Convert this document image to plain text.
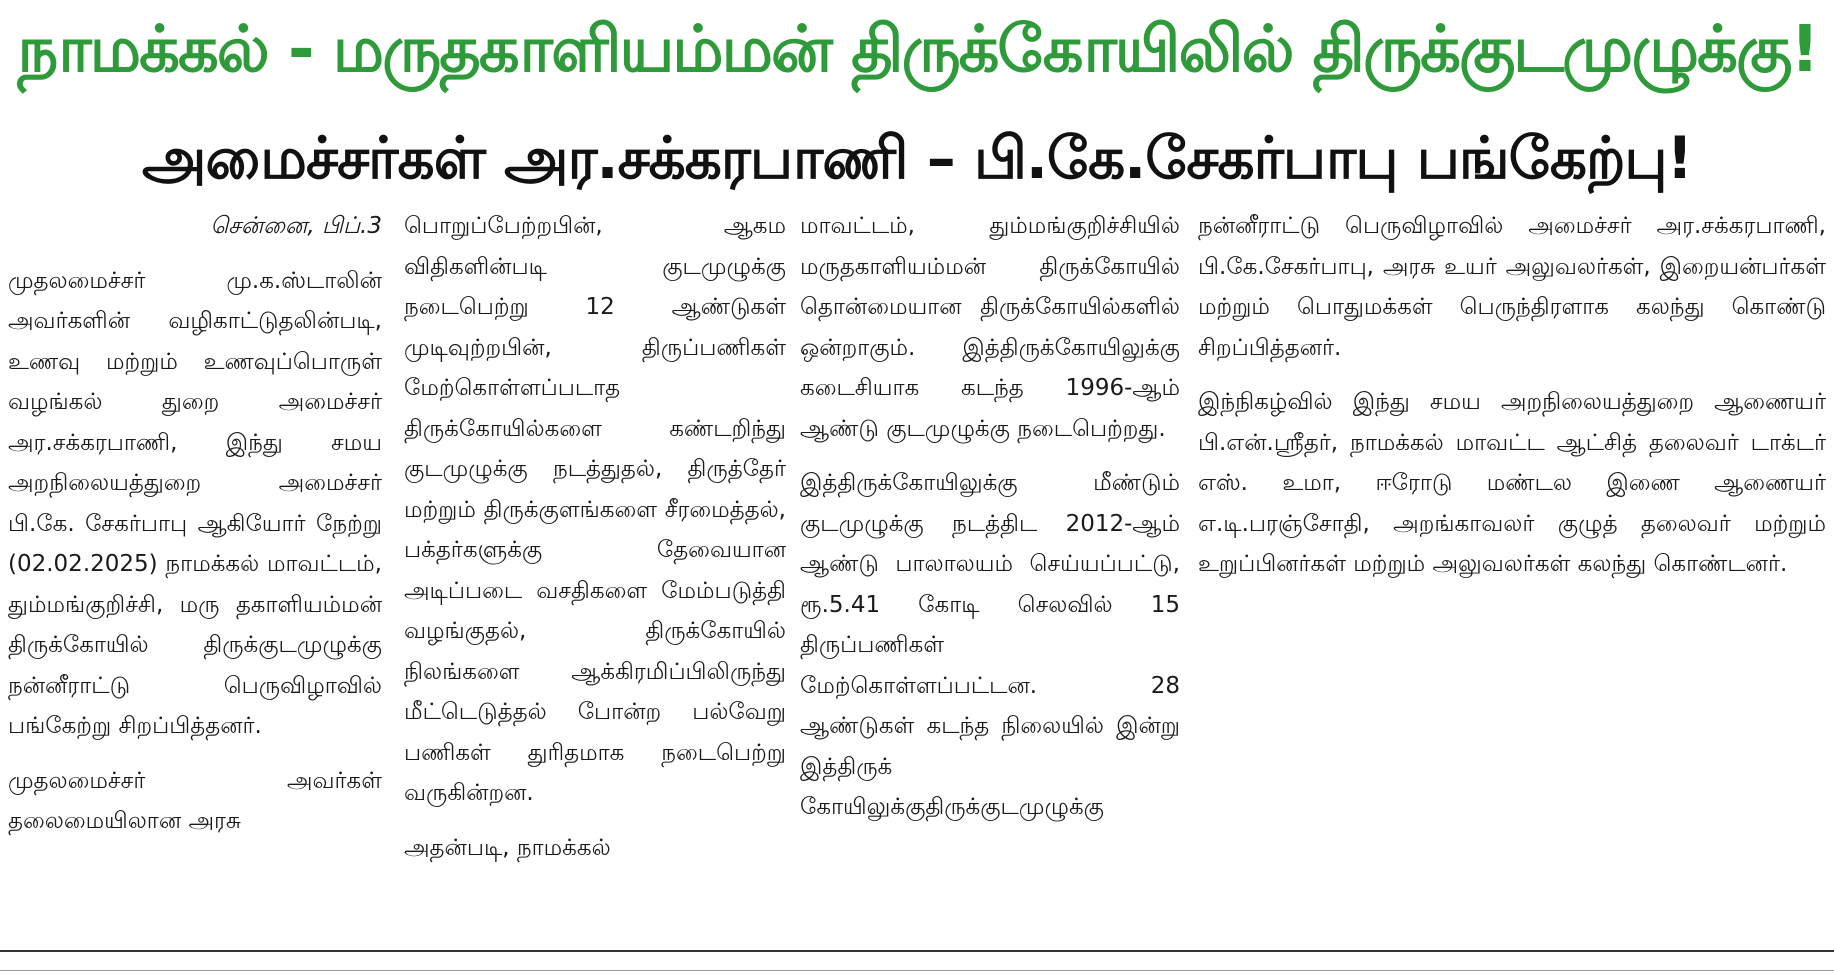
நாமக்கல் - மருதகாளியம்மன் திருக்கோயிலில் திருக்குடமுழுக்கு!
அமைச்சர்கள் அர.சக்கரபாணி – பி.கே.சேகர்பாபு பங்கேற்பு!

சென்னை, பிப்.3

முதலமைச்சர் மு.க.ஸ்டாலின் அவர்களின் வழிகாட்டுதலின்படி, உணவு மற்றும் உணவுப்பொருள் வழங்கல் துறை அமைச்சர் அர.சக்கரபாணி, இந்து சமய அறநிலையத்துறை அமைச்சர் பி.கே. சேகர்பாபு ஆகியோர் நேற்று (02.02.2025) நாமக்கல் மாவட்டம், தும்மங்குறிச்சி, மரு தகாளியம்மன் திருக்கோயில் திருக்குடமுழுக்கு நன்னீராட்டு பெருவிழாவில் பங்கேற்று சிறப்பித்தனர்.

முதலமைச்சர் அவர்கள் தலைமையிலான அரசு

பொறுப்பேற்றபின், ஆகம விதிகளின்படி குடமுழுக்கு நடைபெற்று 12 ஆண்டுகள் முடிவுற்றபின், திருப்பணிகள் மேற்கொள்ளப்படாத திருக்கோயில்களை கண்டறிந்து குடமுழுக்கு நடத்துதல், திருத்தேர் மற்றும் திருக்குளங்களை சீரமைத்தல், பக்தர்களுக்கு தேவையான அடிப்படை வசதிகளை மேம்படுத்தி வழங்குதல், திருக்கோயில் நிலங்களை ஆக்கிரமிப்பிலிருந்து மீட்டெடுத்தல் போன்ற பல்வேறு பணிகள் துரிதமாக நடைபெற்று வருகின்றன.

அதன்படி, நாமக்கல்

மாவட்டம், தும்மங்குறிச்சியில் மருதகாளியம்மன் திருக்கோயில் தொன்மையான திருக்கோயில்களில் ஒன்றாகும். இத்திருக்கோயிலுக்கு கடைசியாக கடந்த 1996-ஆம் ஆண்டு குடமுழுக்கு நடைபெற்றது.

இத்திருக்கோயிலுக்கு மீண்டும் குடமுழுக்கு நடத்திட 2012-ஆம் ஆண்டு பாலாலயம் செய்யப்பட்டு, ரூ.5.41 கோடி செலவில் 15 திருப்பணிகள் மேற்கொள்ளப்பட்டன. 28 ஆண்டுகள் கடந்த நிலையில் இன்று இத்திருக் கோயிலுக்குதிருக்குடமுழுக்கு

நன்னீராட்டு பெருவிழாவில் அமைச்சர் அர.சக்கரபாணி, பி.கே.சேகர்பாபு, அரசு உயர் அலுவலர்கள், இறையன்பர்கள் மற்றும் பொதுமக்கள் பெருந்திரளாக கலந்து கொண்டு சிறப்பித்தனர்.

இந்நிகழ்வில் இந்து சமய அறநிலையத்துறை ஆணையர் பி.என்.ஸ்ரீதர், நாமக்கல் மாவட்ட ஆட்சித் தலைவர் டாக்டர் எஸ். உமா, ஈரோடு மண்டல இணை ஆணையர் எ.டி.பரஞ்சோதி, அறங்காவலர் குழுத் தலைவர் மற்றும் உறுப்பினர்கள் மற்றும் அலுவலர்கள் கலந்து கொண்டனர்.
